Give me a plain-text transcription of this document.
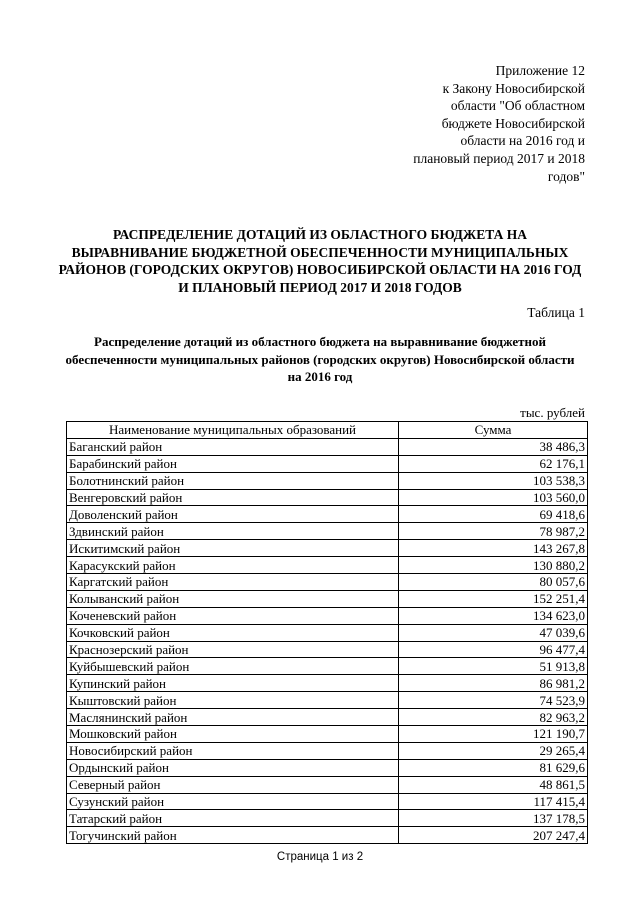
Приложение 12
к Закону Новосибирской
области "Об областном
бюджете Новосибирской
области на 2016 год и
плановый период 2017 и 2018
годов"
РАСПРЕДЕЛЕНИЕ ДОТАЦИЙ ИЗ ОБЛАСТНОГО БЮДЖЕТА НА
ВЫРАВНИВАНИЕ БЮДЖЕТНОЙ ОБЕСПЕЧЕННОСТИ МУНИЦИПАЛЬНЫХ
РАЙОНОВ (ГОРОДСКИХ ОКРУГОВ) НОВОСИБИРСКОЙ ОБЛАСТИ НА 2016 ГОД
И ПЛАНОВЫЙ ПЕРИОД 2017 И 2018 ГОДОВ
Таблица 1
Распределение дотаций из областного бюджета на выравнивание бюджетной
обеспеченности муниципальных районов (городских округов) Новосибирской области
на 2016 год
тыс. рублей
Наименование муниципальных образований	Сумма
Баганский район	38 486,3
Барабинский район	62 176,1
Болотнинский район	103 538,3
Венгеровский район	103 560,0
Доволенский район	69 418,6
Здвинский район	78 987,2
Искитимский район	143 267,8
Карасукский район	130 880,2
Каргатский район	80 057,6
Колыванский район	152 251,4
Коченевский район	134 623,0
Кочковский район	47 039,6
Краснозерский район	96 477,4
Куйбышевский район	51 913,8
Купинский район	86 981,2
Кыштовский район	74 523,9
Маслянинский район	82 963,2
Мошковский район	121 190,7
Новосибирский район	29 265,4
Ордынский район	81 629,6
Северный район	48 861,5
Сузунский район	117 415,4
Татарский район	137 178,5
Тогучинский район	207 247,4
Страница 1 из 2
